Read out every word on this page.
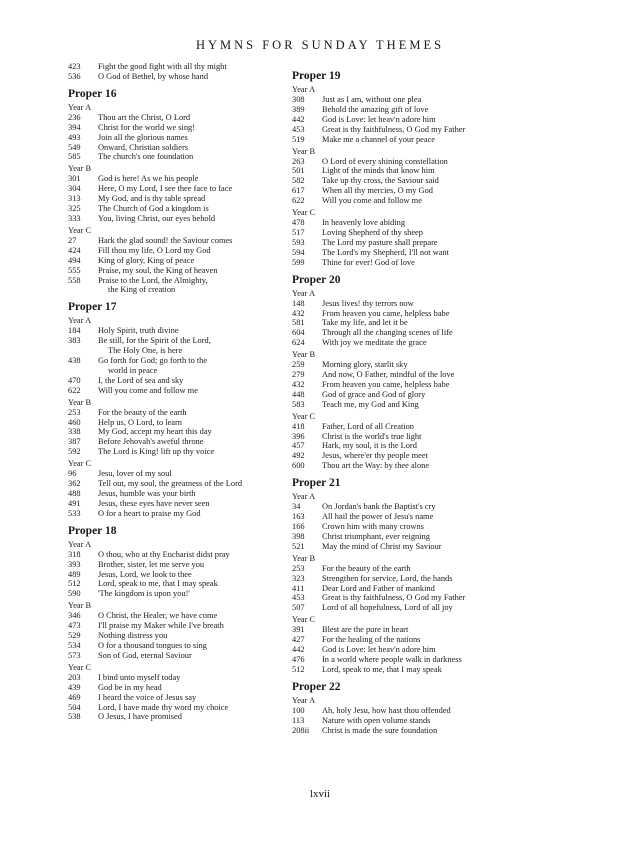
HYMNS FOR SUNDAY THEMES
423	Fight the good fight with all thy might
536	O God of Bethel, by whose hand
Proper 16
Year A
236	Thou art the Christ, O Lord
394	Christ for the world we sing!
493	Join all the glorious names
549	Onward, Christian soldiers
585	The church's one foundation
Year B
301	God is here! As we his people
304	Here, O my Lord, I see thee face to face
313	My God, and is thy table spread
325	The Church of God a kingdom is
333	You, living Christ, our eyes behold
Year C
27	Hark the glad sound! the Saviour comes
424	Fill thou my life, O Lord my God
494	King of glory, King of peace
555	Praise, my soul, the King of heaven
558	Praise to the Lord, the Almighty,
the King of creation
Proper 17
Year A
184	Holy Spirit, truth divine
383	Be still, for the Spirit of the Lord,
The Holy One, is here
438	Go forth for God; go forth to the
world in peace
470	I, the Lord of sea and sky
622	Will you come and follow me
Year B
253	For the beauty of the earth
460	Help us, O Lord, to learn
338	My God, accept my heart this day
387	Before Jehovah's aweful throne
592	The Lord is King! lift up thy voice
Year C
96	Jesu, lover of my soul
362	Tell out, my soul, the greatness of the Lord
488	Jesus, humble was your birth
491	Jesus, these eyes have never seen
533	O for a heart to praise my God
Proper 18
Year A
318	O thou, who at thy Eucharist didst pray
393	Brother, sister, let me serve you
489	Jesus, Lord, we look to thee
512	Lord, speak to me, that I may speak
590	'The kingdom is upon you!'
Year B
346	O Christ, the Healer, we have come
473	I'll praise my Maker while I've breath
529	Nothing distress you
534	O for a thousand tongues to sing
573	Son of God, eternal Saviour
Year C
203	I bind unto myself today
439	God be in my head
469	I heard the voice of Jesus say
504	Lord, I have made thy word my choice
538	O Jesus, I have promised
Proper 19
Year A
308	Just as I am, without one plea
389	Behold the amazing gift of love
442	God is Love: let heav'n adore him
453	Great is thy faithfulness, O God my Father
519	Make me a channel of your peace
Year B
263	O Lord of every shining constellation
501	Light of the minds that know him
582	Take up thy cross, the Saviour said
617	When all thy mercies, O my God
622	Will you come and follow me
Year C
478	In heavenly love abiding
517	Loving Shepherd of thy sheep
593	The Lord my pasture shall prepare
594	The Lord's my Shepherd, I'll not want
599	Thine for ever! God of love
Proper 20
Year A
148	Jesus lives! thy terrors now
432	From heaven you came, helpless babe
581	Take my life, and let it be
604	Through all the changing scenes of life
624	With joy we meditate the grace
Year B
259	Morning glory, starlit sky
279	And now, O Father, mindful of the love
432	From heaven you came, helpless babe
448	God of grace and God of glory
583	Teach me, my God and King
Year C
418	Father, Lord of all Creation
396	Christ is the world's true light
457	Hark, my soul, it is the Lord
492	Jesus, where'er thy people meet
600	Thou art the Way: by thee alone
Proper 21
Year A
34	On Jordan's bank the Baptist's cry
163	All hail the power of Jesu's name
166	Crown him with many crowns
398	Christ triumphant, ever reigning
521	May the mind of Christ my Saviour
Year B
253	For the beauty of the earth
323	Strengthen for service, Lord, the hands
411	Dear Lord and Father of mankind
453	Great is thy faithfulness, O God my Father
507	Lord of all hopefulness, Lord of all joy
Year C
391	Blest are the pure in heart
427	For the healing of the nations
442	God is Love: let heav'n adore him
476	In a world where people walk in darkness
512	Lord, speak to me, that I may speak
Proper 22
Year A
100	Ah, holy Jesu, how hast thou offended
113	Nature with open volume stands
208ii	Christ is made the sure foundation
lxvii
